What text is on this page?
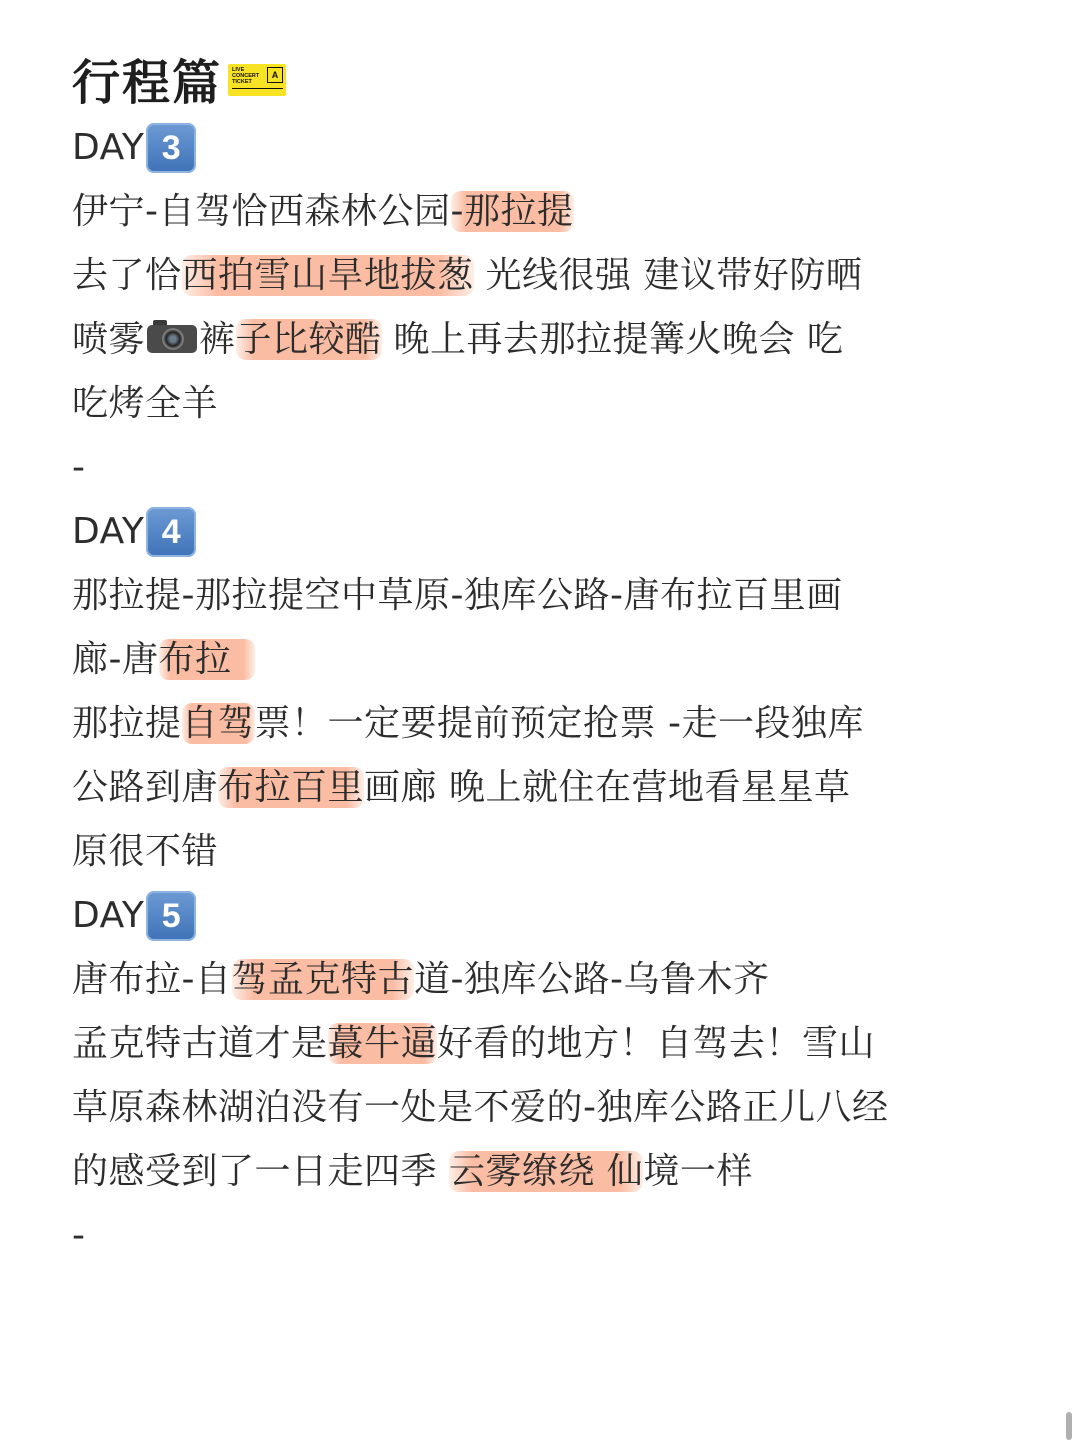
行程篇 LIVE
CONCERT
TICKET
A
DAY 3
伊宁-自驾恰西森林公园-那拉提
去了恰西拍雪山旱地拔葱 光线很强 建议带好防晒
喷雾 裤子比较酷 晚上再去那拉提篝火晚会 吃
吃烤全羊
-
DAY 4
那拉提-那拉提空中草原-独库公路-唐布拉百里画
廊-唐布拉
那拉提自驾票！一定要提前预定抢票 -走一段独库
公路到唐布拉百里画廊 晚上就住在营地看星星草
原很不错
DAY 5
唐布拉-自驾孟克特古道-独库公路-乌鲁木齐
孟克特古道才是蕞牛逼好看的地方！自驾去！雪山
草原森林湖泊没有一处是不爱的-独库公路正儿八经
的感受到了一日走四季 云雾缭绕 仙境一样
-
